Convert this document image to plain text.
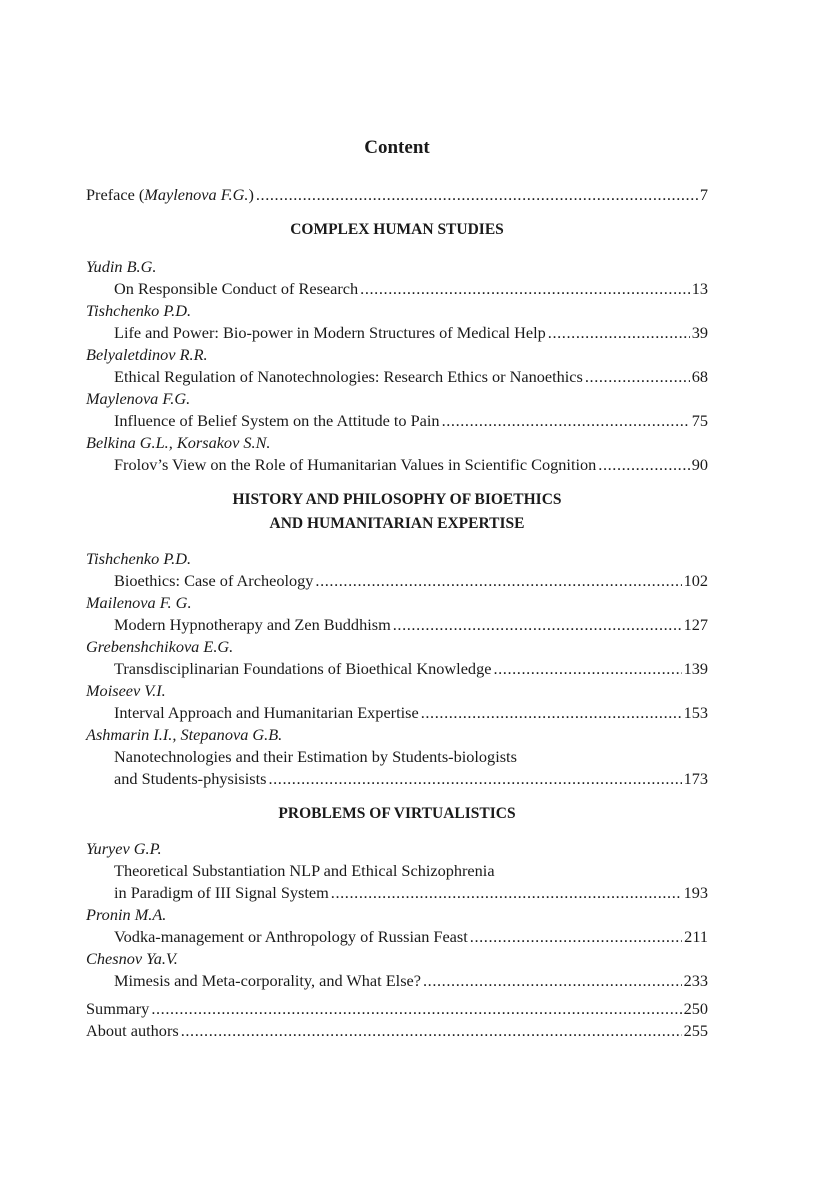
Content
Preface (Maylenova F.G.) .....	7
COMPLEX HUMAN STUDIES
Yudin B.G.
On Responsible Conduct of Research .....	13
Tishchenko P.D.
Life and Power: Bio-power in Modern Structures of Medical Help .....	39
Belyaletdinov R.R.
Ethical Regulation of Nanotechnologies: Research Ethics or Nanoethics .....	68
Maylenova F.G.
Influence of Belief System on the Attitude to Pain .....	75
Belkina G.L., Korsakov S.N.
Frolov’s View on the Role of Humanitarian Values in Scientific Cognition .....	90
HISTORY AND PHILOSOPHY OF BIOETHICS
AND HUMANITARIAN EXPERTISE
Tishchenko P.D.
Bioethics: Case of Archeology .....	102
Mailenova F. G.
Modern Hypnotherapy and Zen Buddhism .....	127
Grebenshchikova E.G.
Transdisciplinarian Foundations of Bioethical Knowledge .....	139
Moiseev V.I.
Interval Approach and Humanitarian Expertise .....	153
Ashmarin I.I., Stepanova G.B.
Nanotechnologies and their Estimation by Students-biologists
and Students-physisists .....	173
PROBLEMS OF VIRTUALISTICS
Yuryev G.P.
Theoretical Substantiation NLP and Ethical Schizophrenia
in Paradigm of III Signal System .....	193
Pronin M.A.
Vodka-management or Anthropology of Russian Feast .....	211
Chesnov Ya.V.
Mimesis and Meta-corporality, and What Else? .....	233
Summary .....	250
About authors .....	255
